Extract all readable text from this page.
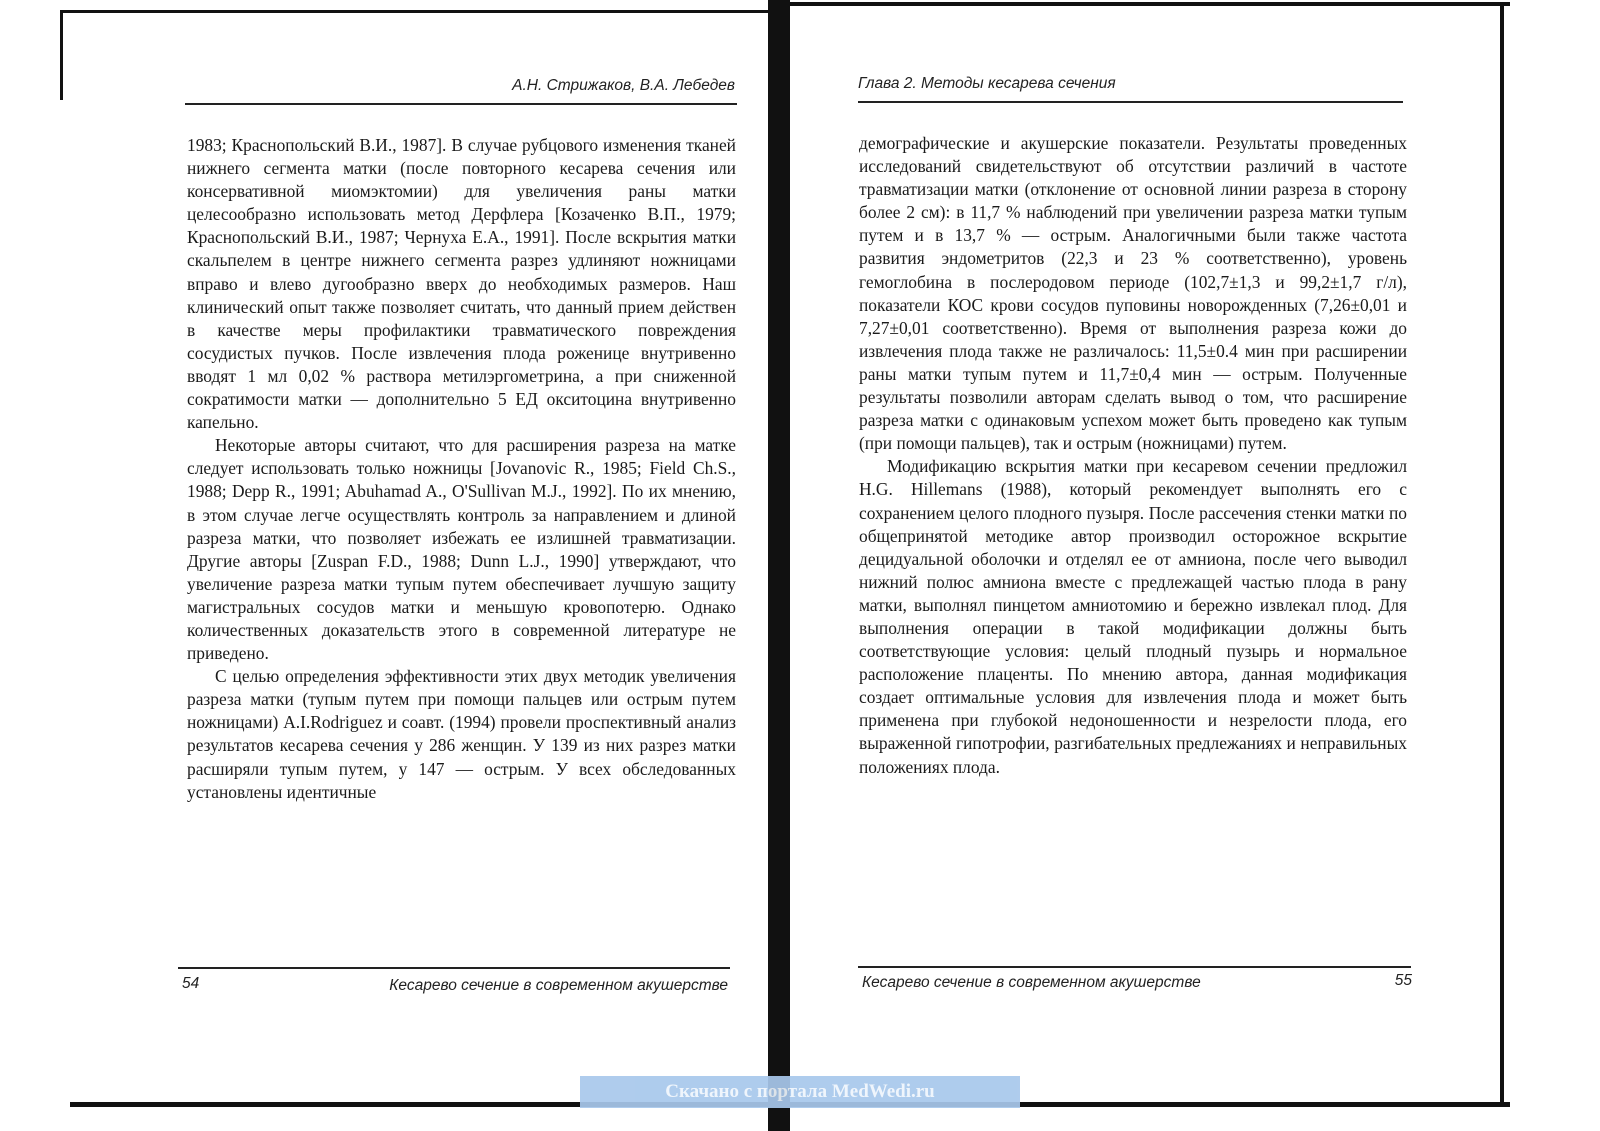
А.Н. Стрижаков, В.А. Лебедев

1983; Краснопольский В.И., 1987]. В случае рубцового изменения тканей нижнего сегмента матки (после повторного кесарева сечения или консервативной миомэктомии) для увеличения раны матки целесообразно использовать метод Дерфлера [Козаченко В.П., 1979; Краснопольский В.И., 1987; Чернуха Е.А., 1991]. После вскрытия матки скальпелем в центре нижнего сегмента разрез удлиняют ножницами вправо и влево дугообразно вверх до необходимых размеров. Наш клинический опыт также позволяет считать, что данный прием действен в качестве меры профилактики травматического повреждения сосудистых пучков. После извлечения плода роженице внутривенно вводят 1 мл 0,02 % раствора метилэргометрина, а при сниженной сократимости матки — дополнительно 5 ЕД окситоцина внутривенно капельно.

Некоторые авторы считают, что для расширения разреза на матке следует использовать только ножницы [Jovanovic R., 1985; Field Ch.S., 1988; Depp R., 1991; Abuhamad A., O'Sullivan M.J., 1992]. По их мнению, в этом случае легче осуществлять контроль за направлением и длиной разреза матки, что позволяет избежать ее излишней травматизации. Другие авторы [Zuspan F.D., 1988; Dunn L.J., 1990] утверждают, что увеличение разреза матки тупым путем обеспечивает лучшую защиту магистральных сосудов матки и меньшую кровопотерю. Однако количественных доказательств этого в современной литературе не приведено.

С целью определения эффективности этих двух методик увеличения разреза матки (тупым путем при помощи пальцев или острым путем ножницами) A.I.Rodriguez и соавт. (1994) провели проспективный анализ результатов кесарева сечения у 286 женщин. У 139 из них разрез матки расширяли тупым путем, у 147 — острым. У всех обследованных установлены идентичные

54	Кесарево сечение в современном акушерстве
Глава 2. Методы кесарева сечения

демографические и акушерские показатели. Результаты проведенных исследований свидетельствуют об отсутствии различий в частоте травматизации матки (отклонение от основной линии разреза в сторону более 2 см): в 11,7 % наблюдений при увеличении разреза матки тупым путем и в 13,7 % — острым. Аналогичными были также частота развития эндометритов (22,3 и 23 % соответственно), уровень гемоглобина в послеродовом периоде (102,7±1,3 и 99,2±1,7 г/л), показатели КОС крови сосудов пуповины новорожденных (7,26±0,01 и 7,27±0,01 соответственно). Время от выполнения разреза кожи до извлечения плода также не различалось: 11,5±0.4 мин при расширении раны матки тупым путем и 11,7±0,4 мин — острым. Полученные результаты позволили авторам сделать вывод о том, что расширение разреза матки с одинаковым успехом может быть проведено как тупым (при помощи пальцев), так и острым (ножницами) путем.

Модификацию вскрытия матки при кесаревом сечении предложил H.G. Hillemans (1988), который рекомендует выполнять его с сохранением целого плодного пузыря. После рассечения стенки матки по общепринятой методике автор производил осторожное вскрытие децидуальной оболочки и отделял ее от амниона, после чего выводил нижний полюс амниона вместе с предлежащей частью плода в рану матки, выполнял пинцетом амниотомию и бережно извлекал плод. Для выполнения операции в такой модификации должны быть соответствующие условия: целый плодный пузырь и нормальное расположение плаценты. По мнению автора, данная модификация создает оптимальные условия для извлечения плода и может быть применена при глубокой недоношенности и незрелости плода, его выраженной гипотрофии, разгибательных предлежаниях и неправильных положениях плода.

Кесарево сечение в современном акушерстве	55
Скачано с портала MedWedi.ru
